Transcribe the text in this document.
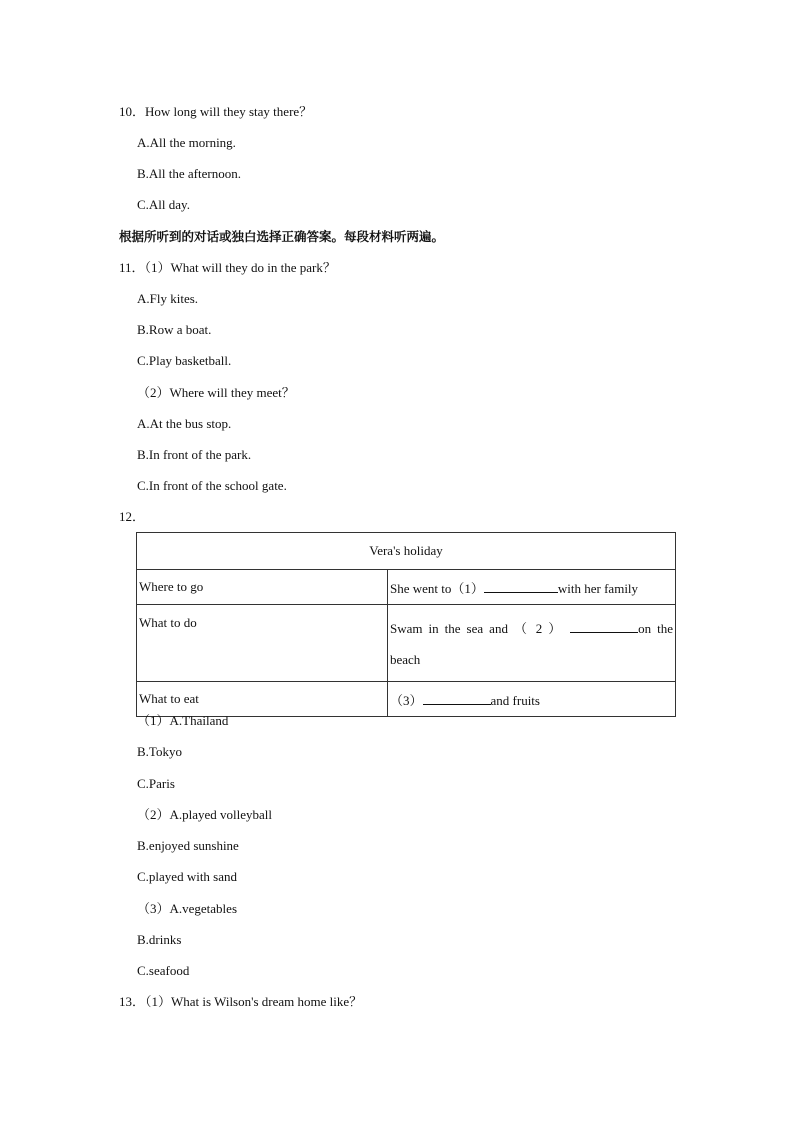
10．How long will they stay there？
A.All the morning.
B.All the afternoon.
C.All day.
根据所听到的对话或独白选择正确答案。每段材料听两遍。
11．（1）What will they do in the park？
A.Fly kites.
B.Row a boat.
C.Play basketball.
（2）Where will they meet？
A.At the bus stop.
B.In front of the park.
C.In front of the school gate.
12．
Vera's holiday	
Where to go	She went to（1） with her family
What to do	Swam in the sea and （ 2 ） on the
beach

What to eat	（3） and fruits
（1）A.Thailand
B.Tokyo
C.Paris
（2）A.played volleyball
B.enjoyed sunshine
C.played with sand
（3）A.vegetables
B.drinks
C.seafood
13．（1）What is Wilson's dream home like？
